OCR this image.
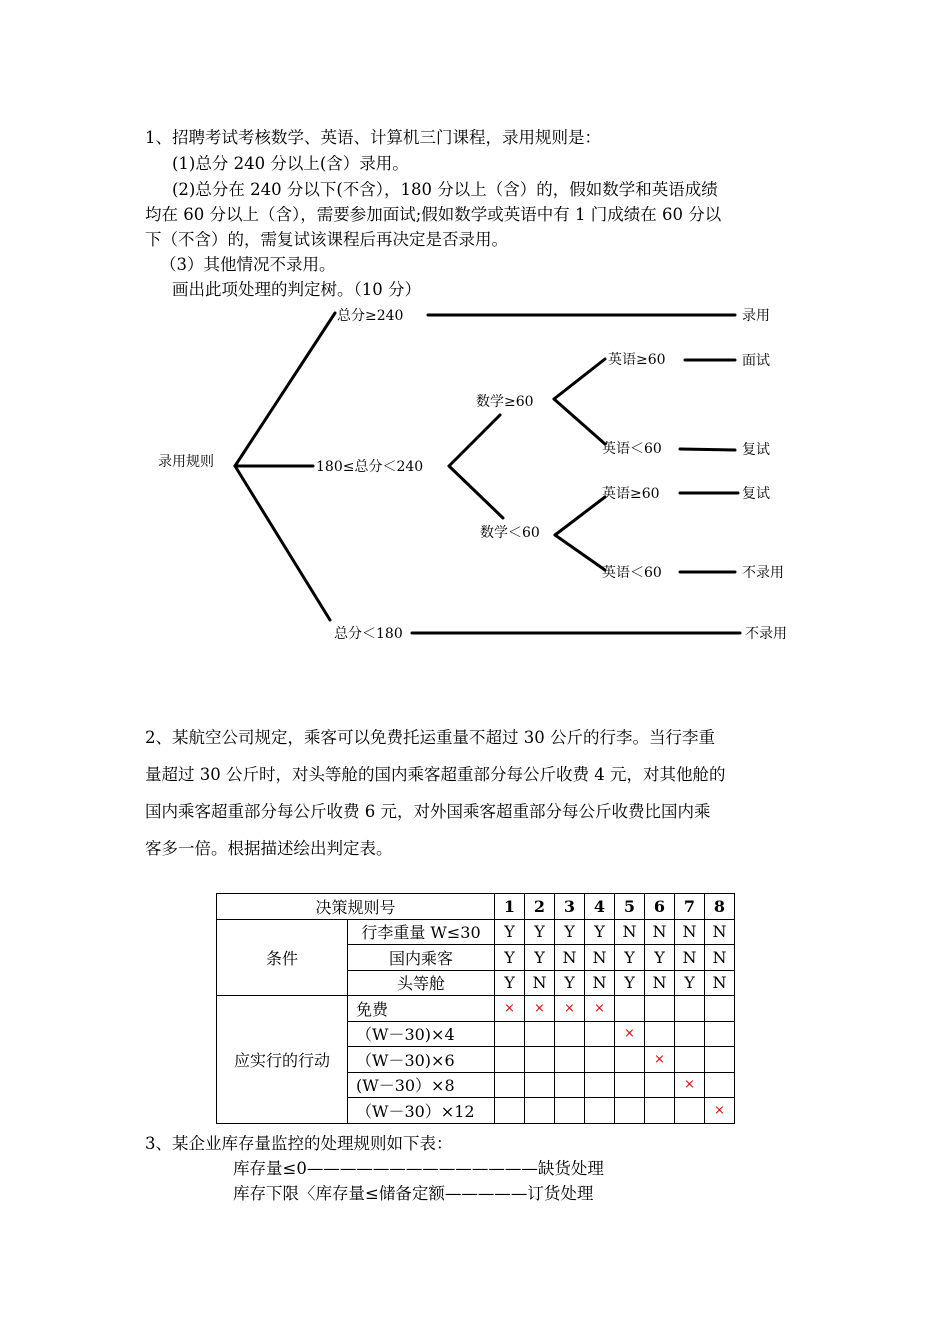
1、招聘考试考核数学、英语、计算机三门课程，录用规则是：
(1)总分 240 分以上(含）录用。
(2)总分在 240 分以下(不含），180 分以上（含）的，假如数学和英语成绩
均在 60 分以上（含），需要参加面试;假如数学或英语中有 1 门成绩在 60 分以
下（不含）的，需复试该课程后再决定是否录用。
（3）其他情况不录用。
画出此项处理的判定树。（10 分）
录用规则
总分≥240
180≤总分＜240
总分＜180
数学≥60
数学＜60
英语≥60
英语＜60
英语≥60
英语＜60
录用
面试
复试
复试
不录用
不录用
2、某航空公司规定，乘客可以免费托运重量不超过 30 公斤的行李。当行李重
量超过 30 公斤时，对头等舱的国内乘客超重部分每公斤收费 4 元，对其他舱的
国内乘客超重部分每公斤收费 6 元，对外国乘客超重部分每公斤收费比国内乘
客多一倍。根据描述绘出判定表。
决策规则号		1	2	3	4	5	6	7	8
条件	行李重量 W≤30	Y	Y	Y	Y	N	N	N	N
	国内乘客	Y	Y	N	N	Y	Y	N	N
	头等舱	Y	N	Y	N	Y	N	Y	N
应实行的行动	免费	×	×	×	×				
	（W－30)×4					×			
	（W－30)×6						×		
	(W－30）×8							×	
	（W－30）×12								×
3、某企业库存量监控的处理规则如下表：
库存量≤0——————————————缺货处理
库存下限〈库存量≤储备定额—————订货处理
